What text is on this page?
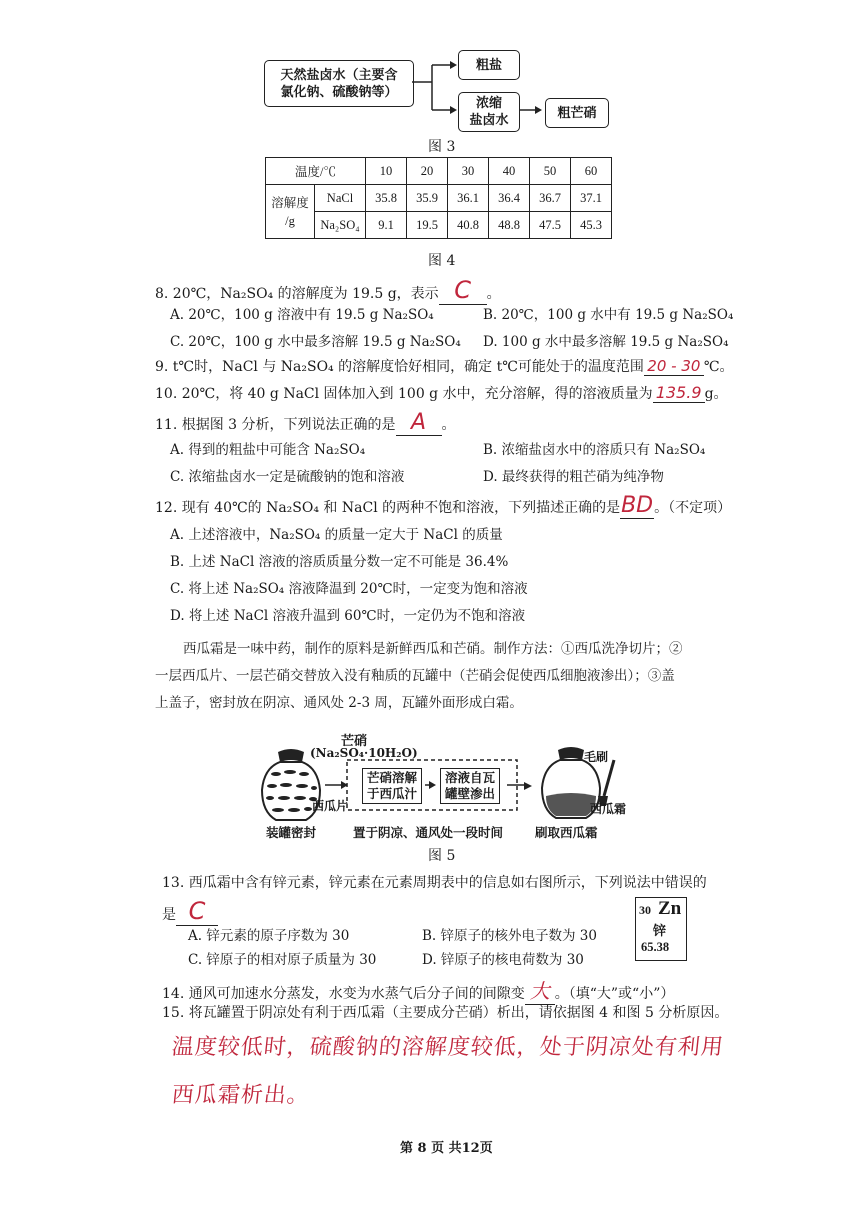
天然盐卤水（主要含
氯化钠、硫酸钠等）
粗盐
浓缩
盐卤水	粗芒硝
图 3
温度/℃		10	20	30	40	50	60

溶解度
/g	NaCl	35.8	35.9	36.1	36.4	36.7	37.1
	Na₂SO₄	9.1	19.5	40.8	48.8	47.5	45.3
图 4
8. 20℃，Na₂SO₄ 的溶解度为 19.5 g，表示 C 。
A. 20℃，100 g 溶液中有 19.5 g Na₂SO₄	B. 20℃，100 g 水中有 19.5 g Na₂SO₄
C. 20℃，100 g 水中最多溶解 19.5 g Na₂SO₄ D. 100 g 水中最多溶解 19.5 g Na₂SO₄
9. t℃时，NaCl 与 Na₂SO₄ 的溶解度恰好相同，确定 t℃可能处于的温度范围 20 - 30 ℃。
10. 20℃，将 40 g NaCl 固体加入到 100 g 水中，充分溶解，得的溶液质量为 135.9 g。
11. 根据图 3 分析，下列说法正确的是 A 。
A. 得到的粗盐中可能含 Na₂SO₄	B. 浓缩盐卤水中的溶质只有 Na₂SO₄
C. 浓缩盐卤水一定是硫酸钠的饱和溶液	D. 最终获得的粗芒硝为纯净物
12. 现有 40℃的 Na₂SO₄ 和 NaCl 的两种不饱和溶液，下列描述正确的是BD。（不定项）
A. 上述溶液中，Na₂SO₄ 的质量一定大于 NaCl 的质量
B. 上述 NaCl 溶液的溶质质量分数一定不可能是 36.4%
C. 将上述 Na₂SO₄ 溶液降温到 20℃时，一定变为饱和溶液
D. 将上述 NaCl 溶液升温到 60℃时，一定仍为不饱和溶液
西瓜霜是一味中药，制作的原料是新鲜西瓜和芒硝。制作方法：①西瓜洗净切片；②
一层西瓜片、一层芒硝交替放入没有釉质的瓦罐中（芒硝会促使西瓜细胞液渗出）；③盖
上盖子，密封放在阴凉、通风处 2-3 周，瓦罐外面形成白霜。
芒硝
(Na₂SO₄·10H₂O)
西瓜片
芒硝溶解
于西瓜汁
溶液自瓦
罐壁渗出
毛刷
西瓜霜
装罐密封	置于阴凉、通风处一段时间	刷取西瓜霜
图 5
13. 西瓜霜中含有锌元素，锌元素在元素周期表中的信息如右图所示，下列说法中错误的
是 C
A. 锌元素的原子序数为 30	B. 锌原子的核外电子数为 30
C. 锌原子的相对原子质量为 30	D. 锌原子的核电荷数为 30
30 Zn
锌
65.38
14. 通风可加速水分蒸发，水变为水蒸气后分子间的间隙变 大 。（填“大”或“小”）
15. 将瓦罐置于阴凉处有利于西瓜霜（主要成分芒硝）析出，请依据图 4 和图 5 分析原因。
温度较低时，硫酸钠的溶解度较低，处于阴凉处有利用
西瓜霜析出。
第 8 页 共12页
